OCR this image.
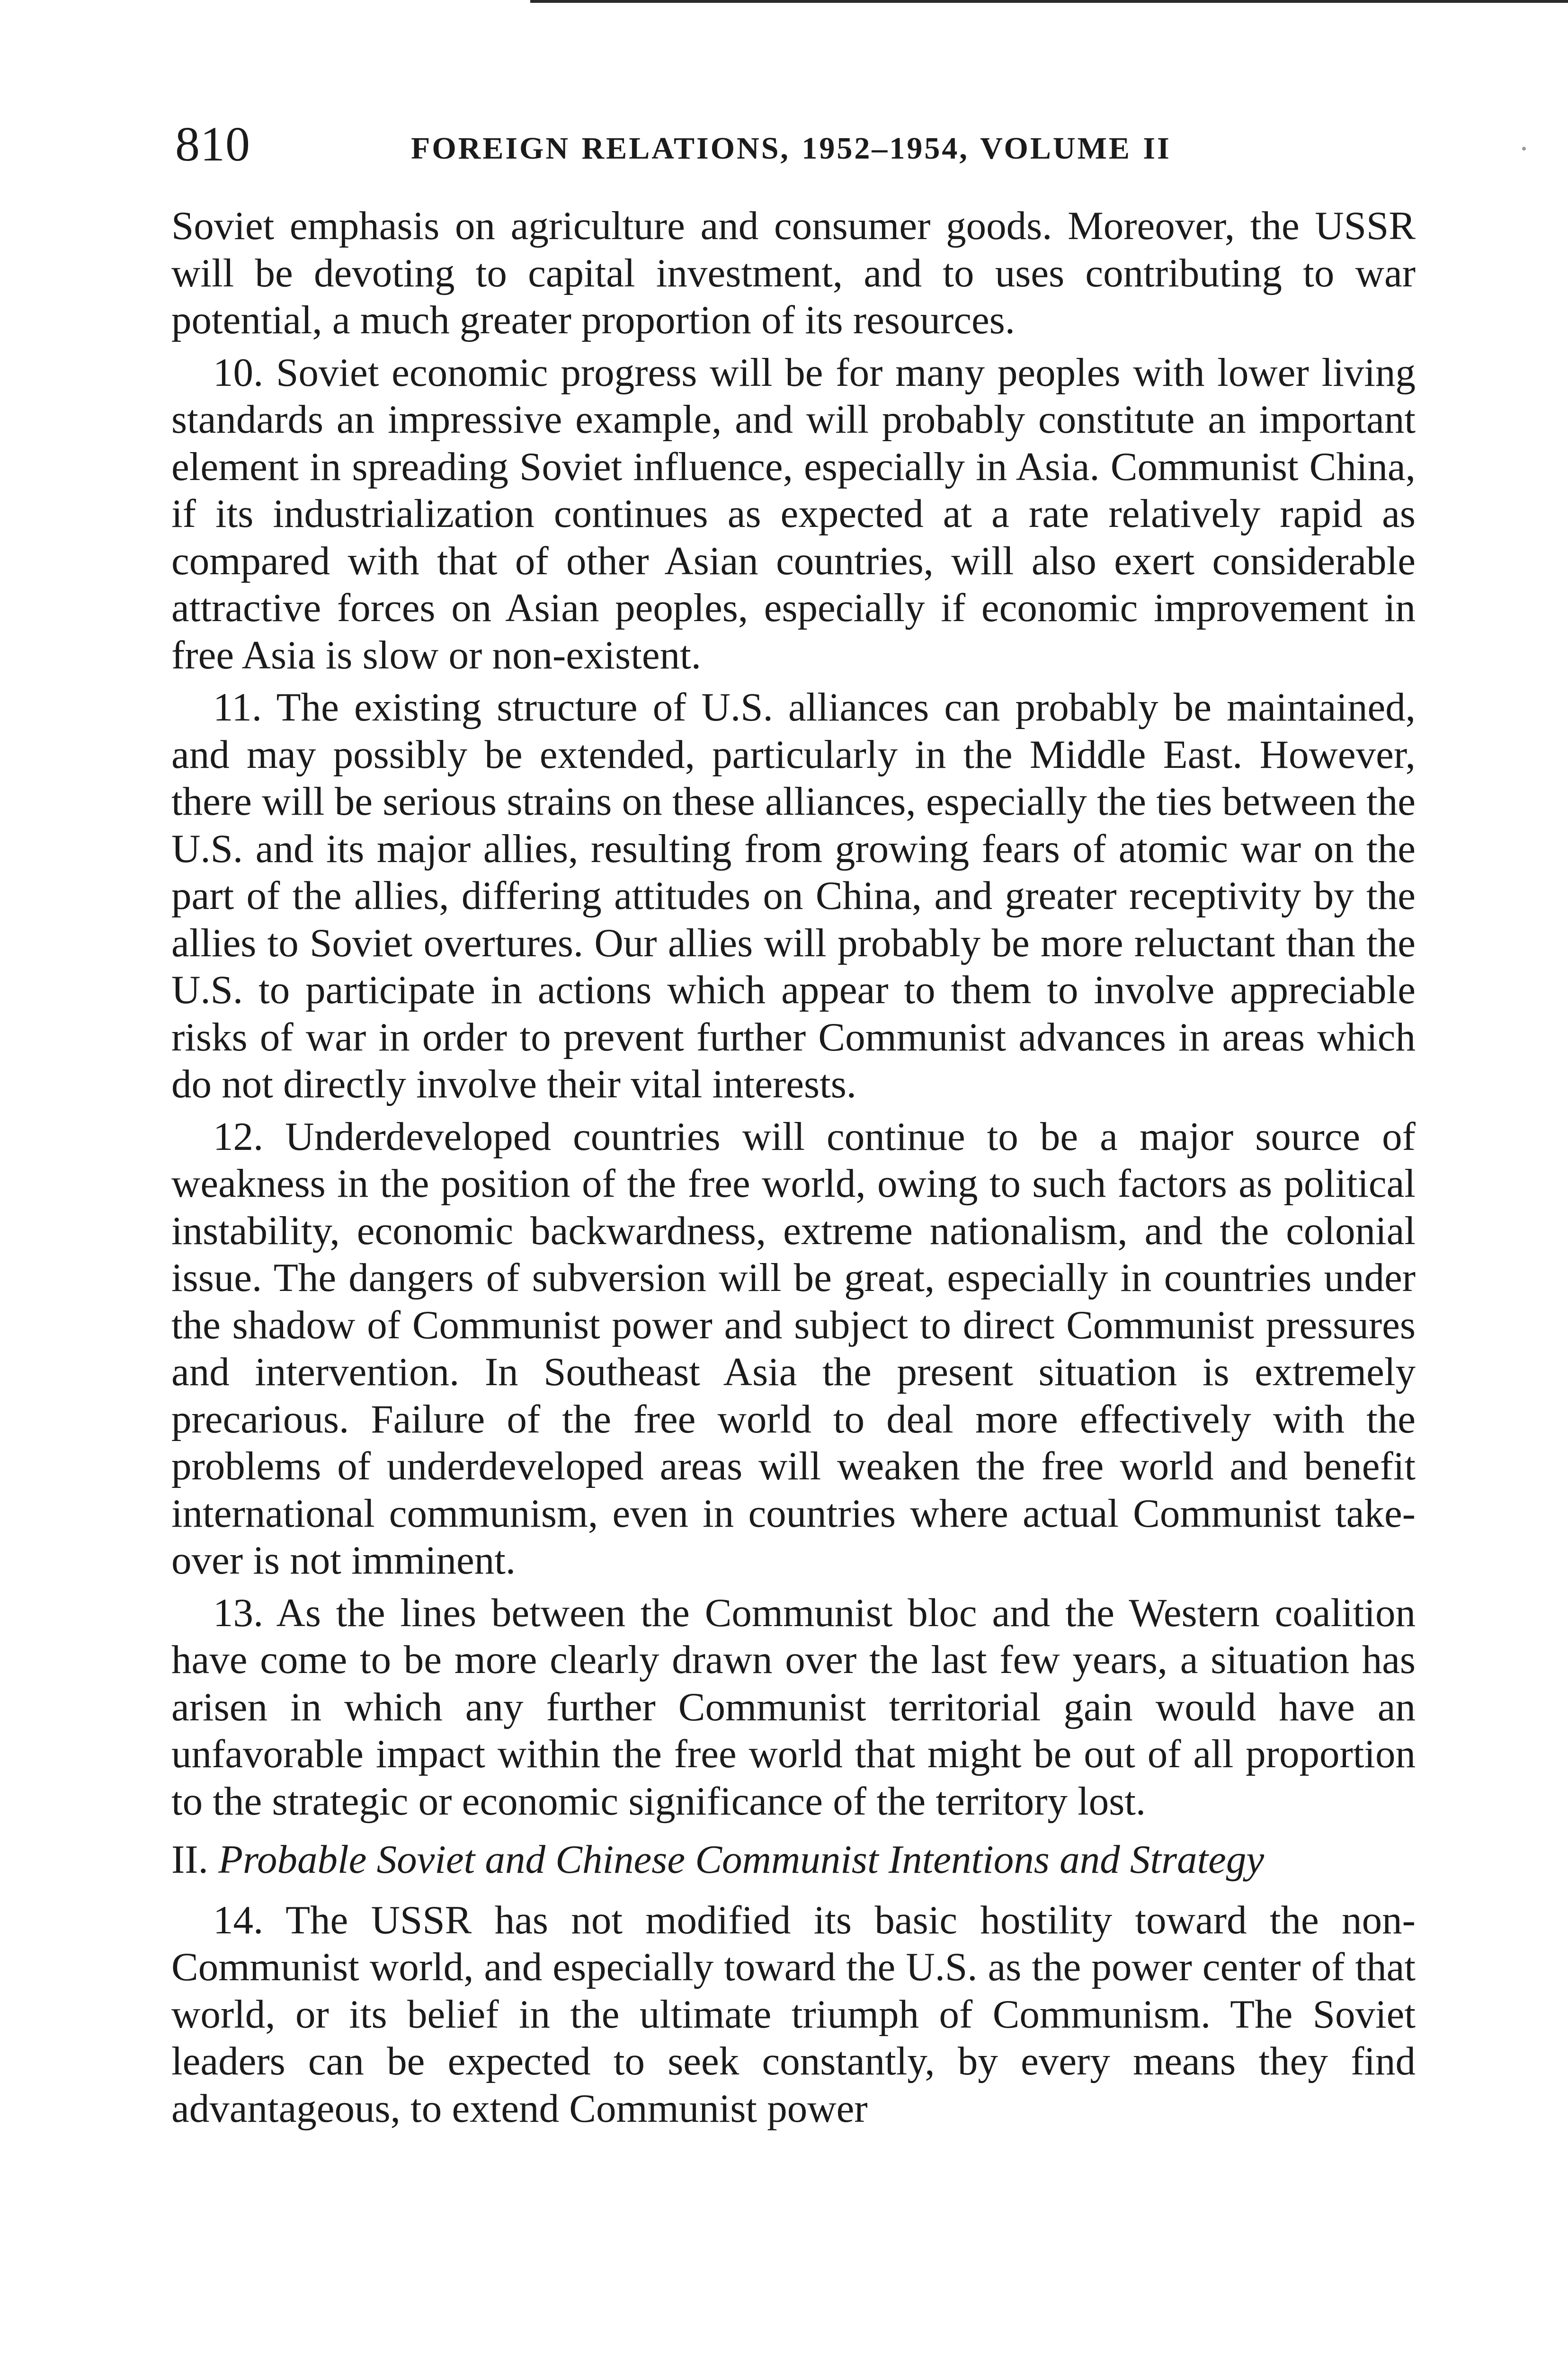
810	FOREIGN RELATIONS, 1952–1954, VOLUME II

Soviet emphasis on agriculture and consumer goods. Moreover, the USSR will be devoting to capital investment, and to uses contributing to war potential, a much greater proportion of its resources.

10. Soviet economic progress will be for many peoples with lower living standards an impressive example, and will probably constitute an important element in spreading Soviet influence, especially in Asia. Communist China, if its industrialization continues as expected at a rate relatively rapid as compared with that of other Asian countries, will also exert considerable attractive forces on Asian peoples, especially if economic improvement in free Asia is slow or non-existent.

11. The existing structure of U.S. alliances can probably be maintained, and may possibly be extended, particularly in the Middle East. However, there will be serious strains on these alliances, especially the ties between the U.S. and its major allies, resulting from growing fears of atomic war on the part of the allies, differing attitudes on China, and greater receptivity by the allies to Soviet overtures. Our allies will probably be more reluctant than the U.S. to participate in actions which appear to them to involve appreciable risks of war in order to prevent further Communist advances in areas which do not directly involve their vital interests.

12. Underdeveloped countries will continue to be a major source of weakness in the position of the free world, owing to such factors as political instability, economic backwardness, extreme nationalism, and the colonial issue. The dangers of subversion will be great, especially in countries under the shadow of Communist power and subject to direct Communist pressures and intervention. In Southeast Asia the present situation is extremely precarious. Failure of the free world to deal more effectively with the problems of underdeveloped areas will weaken the free world and benefit international communism, even in countries where actual Communist take-over is not imminent.

13. As the lines between the Communist bloc and the Western coalition have come to be more clearly drawn over the last few years, a situation has arisen in which any further Communist territorial gain would have an unfavorable impact within the free world that might be out of all proportion to the strategic or economic significance of the territory lost.

II. Probable Soviet and Chinese Communist Intentions and Strategy

14. The USSR has not modified its basic hostility toward the non-Communist world, and especially toward the U.S. as the power center of that world, or its belief in the ultimate triumph of Communism. The Soviet leaders can be expected to seek constantly, by every means they find advantageous, to extend Communist power
